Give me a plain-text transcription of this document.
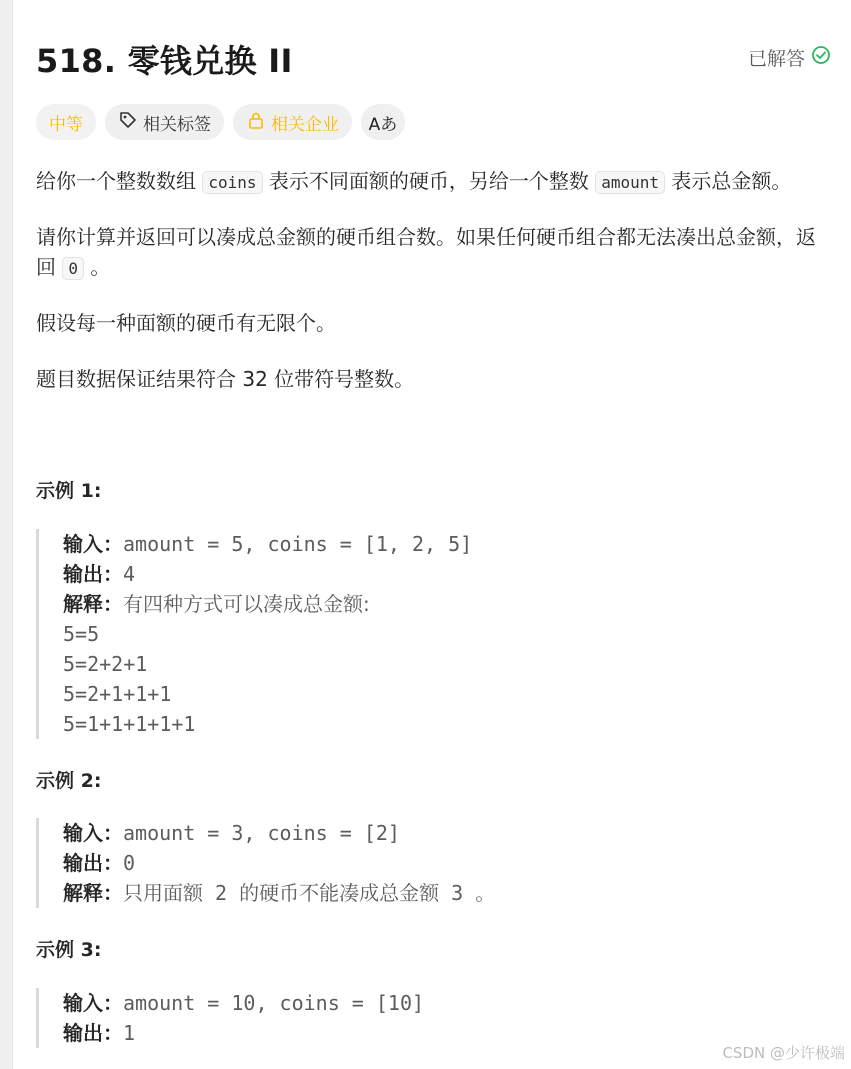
518. 零钱兑换 II	已解答
中等	相关标签	相关企业 Aあ
给你一个整数数组 coins 表示不同面额的硬币，另给一个整数 amount 表示总金额。
请你计算并返回可以凑成总金额的硬币组合数。如果任何硬币组合都无法凑出总金额，返回 0 。
假设每一种面额的硬币有无限个。
题目数据保证结果符合 32 位带符号整数。
示例 1:
输入：amount = 5, coins = [1, 2, 5]
输出：4
解释：有四种方式可以凑成总金额:
5=5
5=2+2+1
5=2+1+1+1
5=1+1+1+1+1
示例 2:
输入：amount = 3, coins = [2]
输出：0
解释：只用面额 2 的硬币不能凑成总金额 3 。
示例 3:
输入：amount = 10, coins = [10]
输出：1
CSDN @少许极端
